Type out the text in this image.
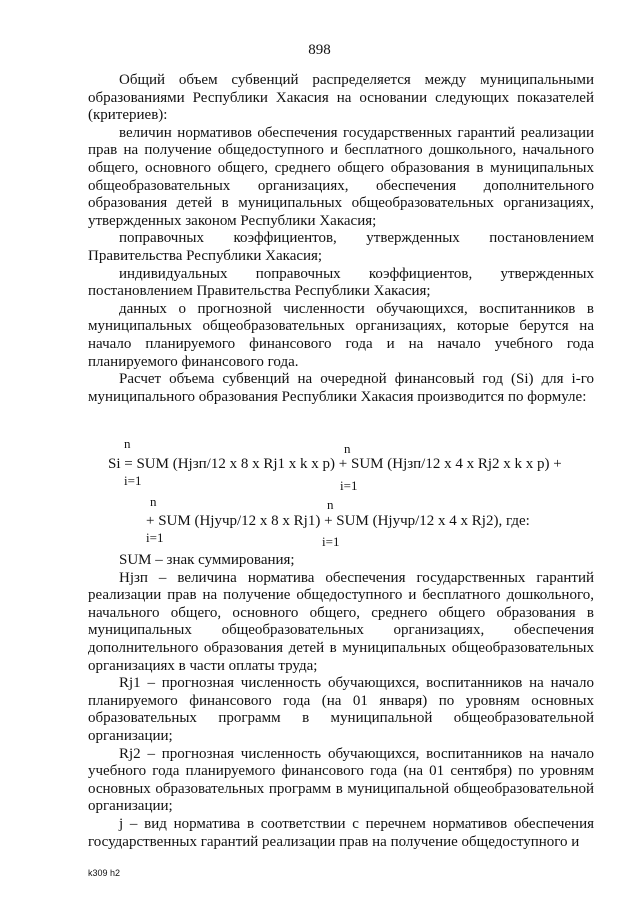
898

Общий объем субвенций распределяется между муниципальными образованиями Республики Хакасия на основании следующих показателей (критериев):

величин нормативов обеспечения государственных гарантий реализации прав на получение общедоступного и бесплатного дошкольного, начального общего, основного общего, среднего общего образования в муниципальных общеобразовательных организациях, обеспечения дополнительного образования детей в муниципальных общеобразовательных организациях, утвержденных законом Республики Хакасия;

поправочных коэффициентов, утвержденных постановлением Правительства Республики Хакасия;

индивидуальных поправочных коэффициентов, утвержденных постановлением Правительства Республики Хакасия;

данных о прогнозной численности обучающихся, воспитанников в муниципальных общеобразовательных организациях, которые берутся на начало планируемого финансового года и на начало учебного года планируемого финансового года.

Расчет объема субвенций на очередной финансовый год (Si) для i-го муниципального образования Республики Хакасия производится по формуле:

n	n
Si = SUM (Hjзп/12 x 8 x Rj1 x k x p) + SUM (Hjзп/12 x 4 x Rj2 x k x p) +
i=1	i=1
n	n
+ SUM (Hjучр/12 x 8 x Rj1) + SUM (Hjучр/12 x 4 x Rj2), где:
i=1	i=1

SUM – знак суммирования;

Hjзп – величина норматива обеспечения государственных гарантий реализации прав на получение общедоступного и бесплатного дошкольного, начального общего, основного общего, среднего общего образования в муниципальных общеобразовательных организациях, обеспечения дополнительного образования детей в муниципальных общеобразовательных организациях в части оплаты труда;

Rj1 – прогнозная численность обучающихся, воспитанников на начало планируемого финансового года (на 01 января) по уровням основных образовательных программ в муниципальной общеобразовательной организации;

Rj2 – прогнозная численность обучающихся, воспитанников на начало учебного года планируемого финансового года (на 01 сентября) по уровням основных образовательных программ в муниципальной общеобразовательной организации;

j – вид норматива в соответствии с перечнем нормативов обеспечения государственных гарантий реализации прав на получение общедоступного и

k309 h2
